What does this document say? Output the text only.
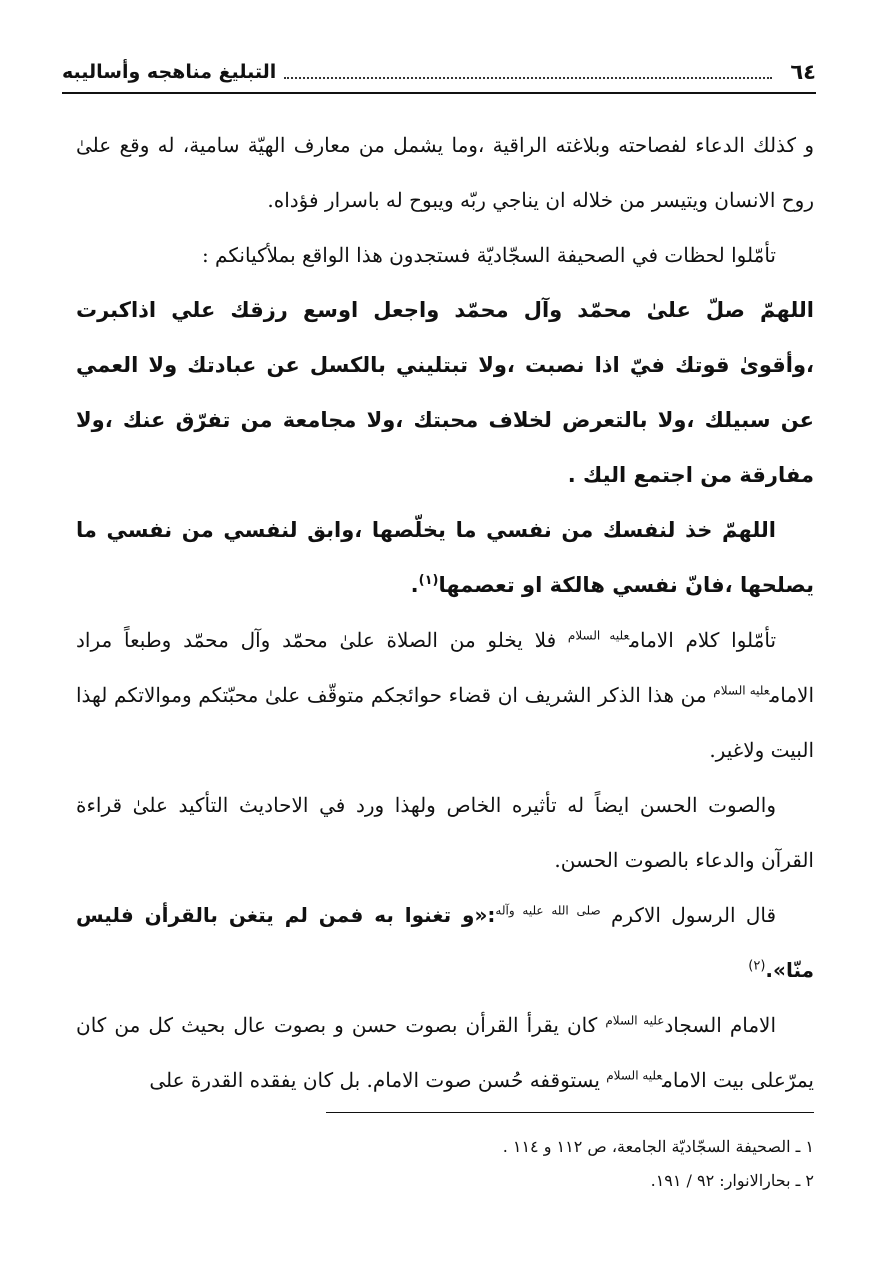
٦٤
التبليغ مناهجه وأساليبه

و كذلك الدعاء لفصاحته وبلاغته الراقية ،وما يشمل من معارف الهيّة سامية، له وقع علىٰ روح الانسان ويتيسر من خلاله ان يناجي ربّه ويبوح له باسرار فؤداه.

تأمّلوا لحظات في الصحيفة السجّاديّة فستجدون هذا الواقع بملأكيانكم :

اللهمّ صلّ علىٰ محمّد وآل محمّد واجعل اوسع رزقك علي اذاكبرت ،وأقوىٰ قوتك فيّ اذا نصبت ،ولا تبتليني بالكسل عن عبادتك ولا العمي عن سبيلك ،ولا بالتعرض لخلاف محبتك ،ولا مجامعة من تفرّق عنك ،ولا مفارقة من اجتمع اليك .

اللهمّ خذ لنفسك من نفسي ما يخلّصها ،وابق لنفسي من نفسي ما يصلحها ،فانّ نفسي هالكة او تعصمها$^{(١)}$.

تأمّلوا كلام الامام$^{عليه السلام}$ فلا يخلو من الصلاة علىٰ محمّد وآل محمّد وطبعاً مراد الامام$^{عليه السلام}$ من هذا الذكر الشريف ان قضاء حوائجكم متوقّف علىٰ محبّتكم وموالاتكم لهذا البيت ولاغير.

والصوت الحسن ايضاً له تأثيره الخاص ولهذا ورد في الاحاديث التأكيد علىٰ قراءة القرآن والدعاء بالصوت الحسن.

قال الرسول الاكرم $^{صلى الله عليه وآله}$:«و تغنوا به فمن لم يتغن بالقرأن فليس منّا».$^{(٢)}$

الامام السجاد$^{عليه السلام}$ كان يقرأ القرأن بصوت حسن و بصوت عال بحيث كل من كان يمرّعلى بيت الامام$^{عليه السلام}$ يستوقفه حُسن صوت الامام. بل كان يفقده القدرة على

١ ـ الصحيفة السجّاديّة الجامعة، ص ١١٢ و ١١٤ .

٢ ـ بحارالانوار: ٩٢ / ١٩١.
